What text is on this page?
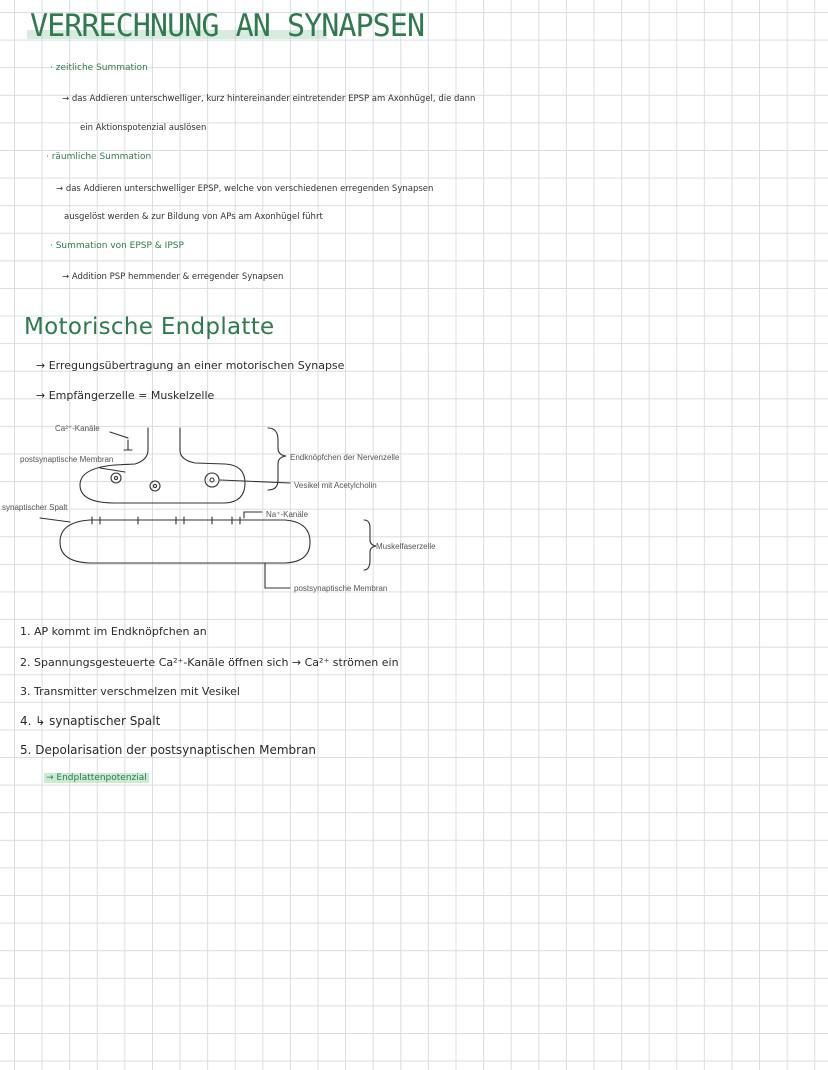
VERRECHNUNG AN SYNAPSEN
· zeitliche Summation
→ das Addieren unterschwelliger, kurz hintereinander eintretender EPSP am Axonhügel, die dann
ein Aktionspotenzial auslösen
· räumliche Summation
→ das Addieren unterschwelliger EPSP, welche von verschiedenen erregenden Synapsen
ausgelöst werden & zur Bildung von APs am Axonhügel führt
· Summation von EPSP & IPSP
→ Addition PSP hemmender & erregender Synapsen
Motorische Endplatte
→ Erregungsübertragung an einer motorischen Synapse
→ Empfängerzelle = Muskelzelle
Ca²⁺-Kanäle
postsynaptische Membran
synaptischer Spalt
Endknöpfchen der Nervenzelle
Vesikel mit Acetylcholin
Na⁺-Kanäle
Muskelfaserzelle
postsynaptische Membran
1. AP kommt im Endknöpfchen an
2. Spannungsgesteuerte Ca²⁺-Kanäle öffnen sich → Ca²⁺ strömen ein
3. Transmitter verschmelzen mit Vesikel
4. ↳ synaptischer Spalt
5. Depolarisation der postsynaptischen Membran
→ Endplattenpotenzial
